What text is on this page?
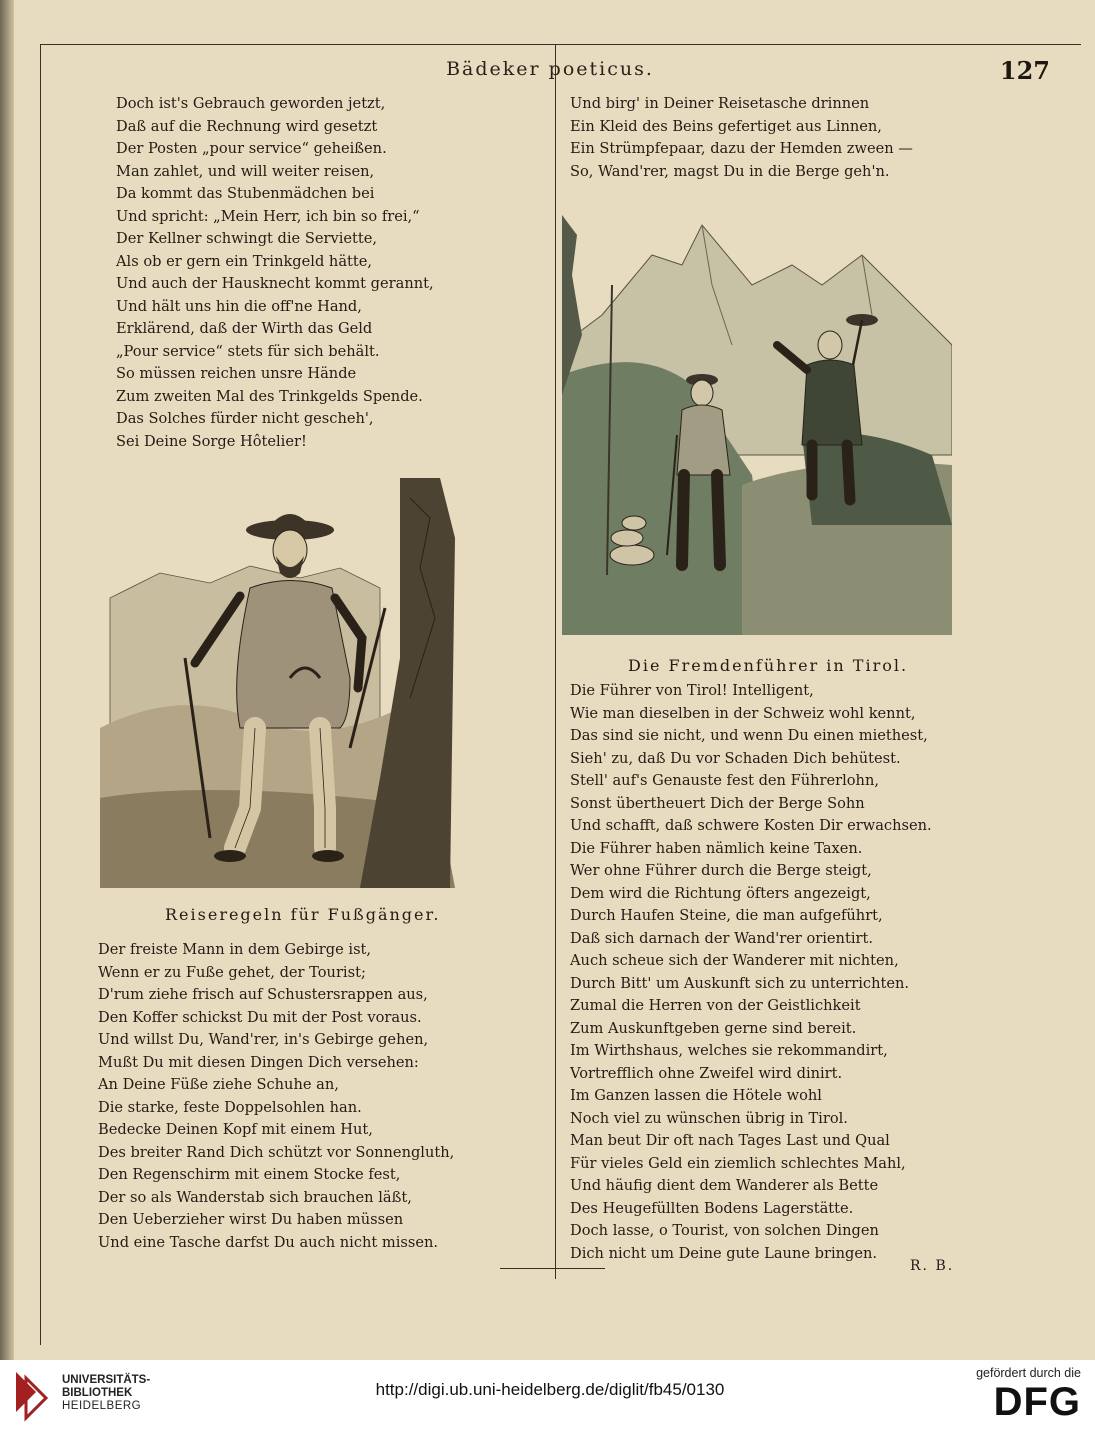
Bädeker poeticus.	127
Doch ist's Gebrauch geworden jetzt,
Daß auf die Rechnung wird gesetzt
Der Posten „pour service“ geheißen.
Man zahlet, und will weiter reisen,
Da kommt das Stubenmädchen bei
Und spricht: „Mein Herr, ich bin so frei,“
Der Kellner schwingt die Serviette,
Als ob er gern ein Trinkgeld hätte,
Und auch der Hausknecht kommt gerannt,
Und hält uns hin die off'ne Hand,
Erklärend, daß der Wirth das Geld
„Pour service“ stets für sich behält.
So müssen reichen unsre Hände
Zum zweiten Mal des Trinkgelds Spende.
Das Solches fürder nicht gescheh',
Sei Deine Sorge Hôtelier!
Reiseregeln für Fußgänger.
Der freiste Mann in dem Gebirge ist,
Wenn er zu Fuße gehet, der Tourist;
D'rum ziehe frisch auf Schustersrappen aus,
Den Koffer schickst Du mit der Post voraus.
Und willst Du, Wand'rer, in's Gebirge gehen,
Mußt Du mit diesen Dingen Dich versehen:
An Deine Füße ziehe Schuhe an,
Die starke, feste Doppelsohlen han.
Bedecke Deinen Kopf mit einem Hut,
Des breiter Rand Dich schützt vor Sonnengluth,
Den Regenschirm mit einem Stocke fest,
Der so als Wanderstab sich brauchen läßt,
Den Ueberzieher wirst Du haben müssen
Und eine Tasche darfst Du auch nicht missen.
Und birg' in Deiner Reisetasche drinnen
Ein Kleid des Beins gefertiget aus Linnen,
Ein Strümpfepaar, dazu der Hemden zween —
So, Wand'rer, magst Du in die Berge geh'n.
Die Fremdenführer in Tirol.
Die Führer von Tirol! Intelligent,
Wie man dieselben in der Schweiz wohl kennt,
Das sind sie nicht, und wenn Du einen miethest,
Sieh' zu, daß Du vor Schaden Dich behütest.
Stell' auf's Genauste fest den Führerlohn,
Sonst übertheuert Dich der Berge Sohn
Und schafft, daß schwere Kosten Dir erwachsen.
Die Führer haben nämlich keine Taxen.
Wer ohne Führer durch die Berge steigt,
Dem wird die Richtung öfters angezeigt,
Durch Haufen Steine, die man aufgeführt,
Daß sich darnach der Wand'rer orientirt.
Auch scheue sich der Wanderer mit nichten,
Durch Bitt' um Auskunft sich zu unterrichten.
Zumal die Herren von der Geistlichkeit
Zum Auskunftgeben gerne sind bereit.
Im Wirthshaus, welches sie rekommandirt,
Vortrefflich ohne Zweifel wird dinirt.
Im Ganzen lassen die Hötele wohl
Noch viel zu wünschen übrig in Tirol.
Man beut Dir oft nach Tages Last und Qual
Für vieles Geld ein ziemlich schlechtes Mahl,
Und häufig dient dem Wanderer als Bette
Des Heugefüllten Bodens Lagerstätte.
Doch lasse, o Tourist, von solchen Dingen
Dich nicht um Deine gute Laune bringen.
R. B.
UNIVERSITÄTS-
BIBLIOTHEK
HEIDELBERG
http://digi.ub.uni-heidelberg.de/diglit/fb45/0130
gefördert durch die
DFG
